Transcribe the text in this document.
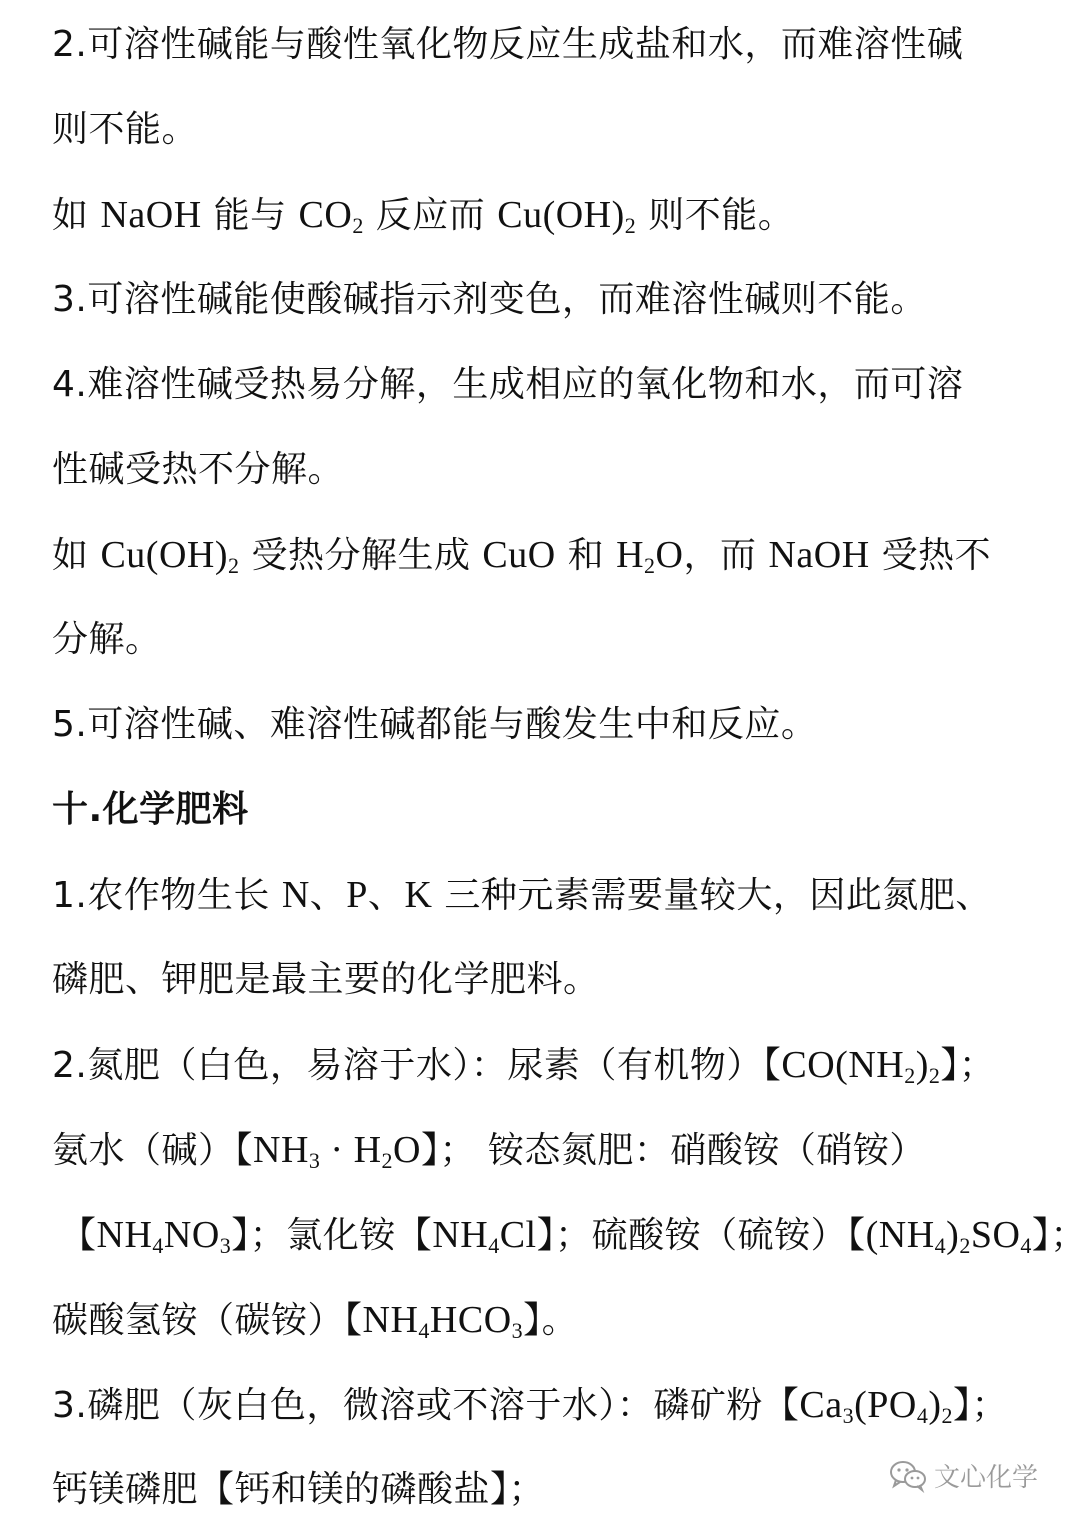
2.可溶性碱能与酸性氧化物反应生成盐和水，而难溶性碱
则不能。
如 NaOH 能与 CO2 反应而 Cu(OH)2 则不能。
3.可溶性碱能使酸碱指示剂变色，而难溶性碱则不能。
4.难溶性碱受热易分解，生成相应的氧化物和水，而可溶
性碱受热不分解。
如 Cu(OH)2 受热分解生成 CuO 和 H2O，而 NaOH 受热不
分解。
5.可溶性碱、难溶性碱都能与酸发生中和反应。
十.化学肥料
1.农作物生长 N、P、K 三种元素需要量较大，因此氮肥、
磷肥、钾肥是最主要的化学肥料。
2.氮肥（白色，易溶于水）：尿素（有机物）【CO(NH2)2】；
氨水（碱）【NH3 · H2O】； 铵态氮肥：硝酸铵（硝铵）
【NH4NO3】；氯化铵【NH4Cl】；硫酸铵（硫铵）【(NH4)2SO4】；
碳酸氢铵（碳铵）【NH4HCO3】。
3.磷肥（灰白色，微溶或不溶于水）：磷矿粉【Ca3(PO4)2】；
钙镁磷肥【钙和镁的磷酸盐】；	文心化学
